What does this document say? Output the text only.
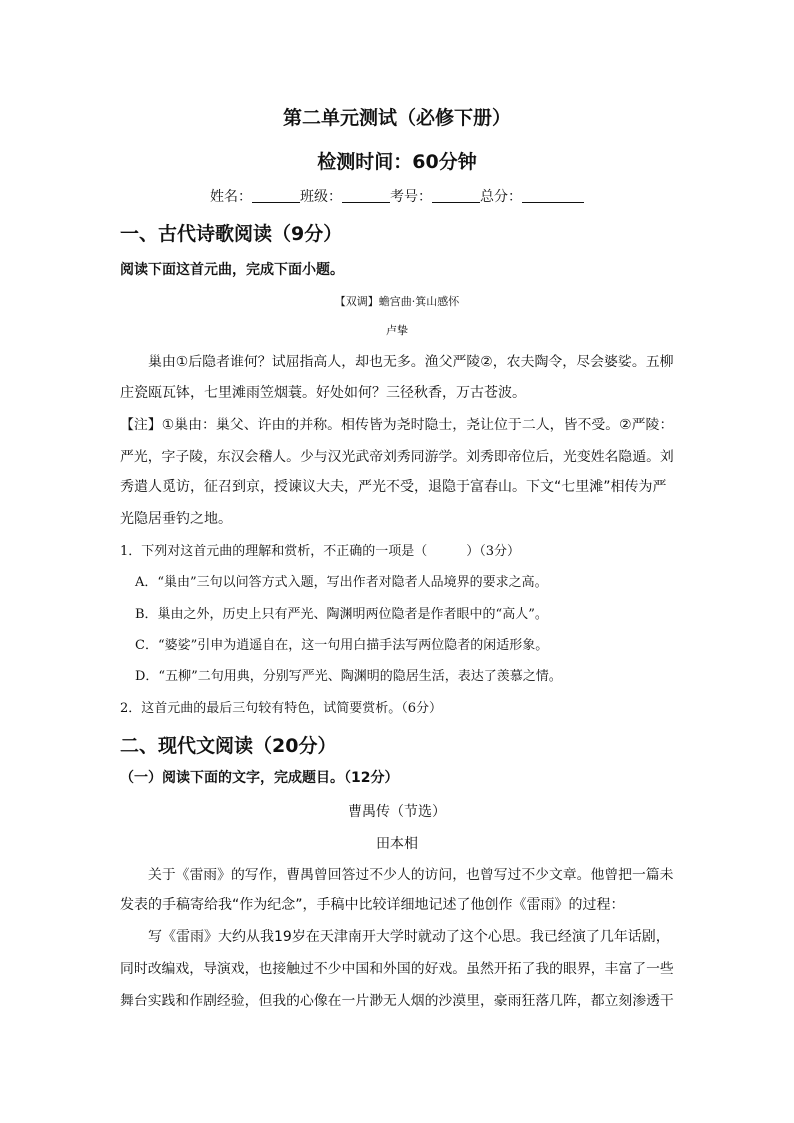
第二单元测试（必修下册）
检测时间：60分钟
姓名：	班级：	考号：	总分：
一、古代诗歌阅读（9分）
阅读下面这首元曲，完成下面小题。
【双调】蟾宫曲·箕山感怀
卢挚
巢由①后隐者谁何？试屈指高人，却也无多。渔父严陵②，农夫陶令，尽会婆娑。五柳
庄瓷瓯瓦钵，七里滩雨笠烟蓑。好处如何？三径秋香，万古苍波。
【注】①巢由：巢父、许由的并称。相传皆为尧时隐士，尧让位于二人，皆不受。②严陵：
严光，字子陵，东汉会稽人。少与汉光武帝刘秀同游学。刘秀即帝位后，光变姓名隐遁。刘
秀遣人觅访，征召到京，授谏议大夫，严光不受，退隐于富春山。下文“七里滩”相传为严
光隐居垂钓之地。
1．下列对这首元曲的理解和赏析，不正确的一项是（　　　）（3分）
A．“巢由”三句以问答方式入题，写出作者对隐者人品境界的要求之高。
B．巢由之外，历史上只有严光、陶渊明两位隐者是作者眼中的“高人”。
C．“婆娑”引申为逍遥自在，这一句用白描手法写两位隐者的闲适形象。
D．“五柳”二句用典，分别写严光、陶渊明的隐居生活，表达了羡慕之情。
2．这首元曲的最后三句较有特色，试简要赏析。（6分）
二、现代文阅读（20分）
（一）阅读下面的文字，完成题目。（12分）
曹禺传（节选）
田本相
关于《雷雨》的写作，曹禺曾回答过不少人的访问，也曾写过不少文章。他曾把一篇未
发表的手稿寄给我“作为纪念”，手稿中比较详细地记述了他创作《雷雨》的过程：
写《雷雨》大约从我19岁在天津南开大学时就动了这个心思。我已经演了几年话剧，
同时改编戏，导演戏，也接触过不少中国和外国的好戏。虽然开拓了我的眼界，丰富了一些
舞台实践和作剧经验，但我的心像在一片渺无人烟的沙漠里，豪雨狂落几阵，都立刻渗透干
